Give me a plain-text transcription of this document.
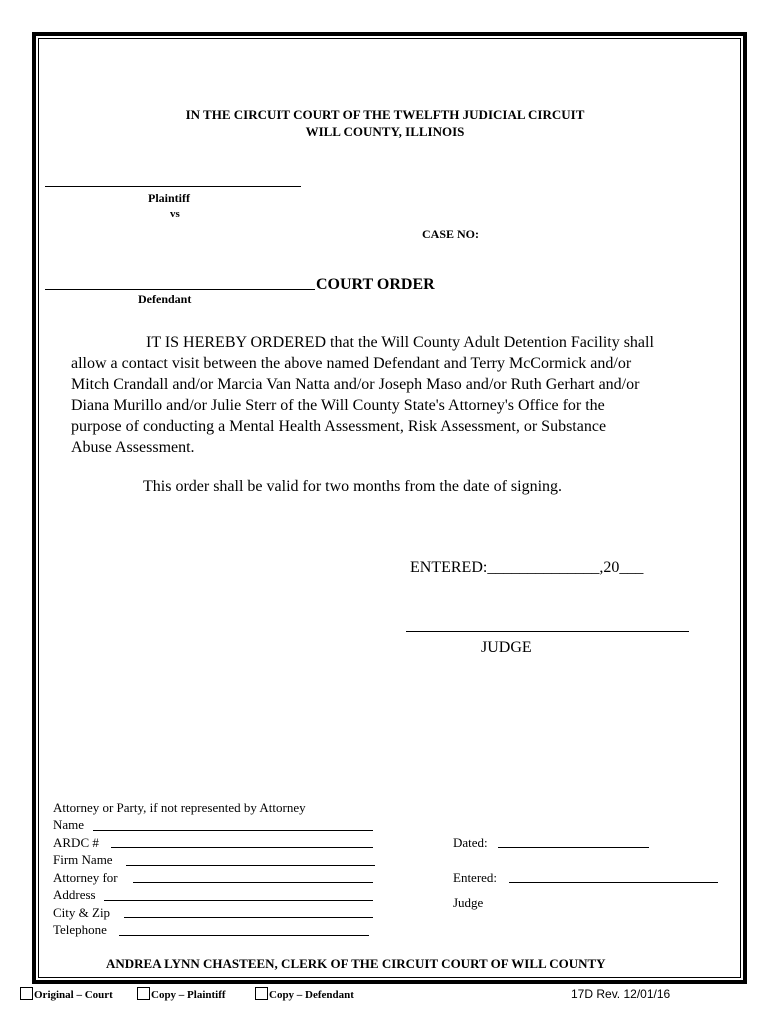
IN THE CIRCUIT COURT OF THE TWELFTH JUDICIAL CIRCUIT
WILL COUNTY, ILLINOIS
Plaintiff
vs
CASE NO:
COURT ORDER
Defendant
IT IS HEREBY ORDERED that the Will County Adult Detention Facility shall
allow a contact visit between the above named Defendant and Terry McCormick and/or
Mitch Crandall and/or Marcia Van Natta and/or Joseph Maso and/or Ruth Gerhart and/or
Diana Murillo and/or Julie Sterr of the Will County State's Attorney's Office for the
purpose of conducting a Mental Health Assessment, Risk Assessment, or Substance
Abuse Assessment.
This order shall be valid for two months from the date of signing.
ENTERED:______________,20___
JUDGE
Attorney or Party, if not represented by Attorney
Name
ARDC #
Firm Name
Attorney for
Address
City & Zip
Telephone
Dated:
Entered:
Judge
ANDREA LYNN CHASTEEN, CLERK OF THE CIRCUIT COURT OF WILL COUNTY
Original – Court	Copy – Plaintiff	Copy – Defendant	17D Rev. 12/01/16
